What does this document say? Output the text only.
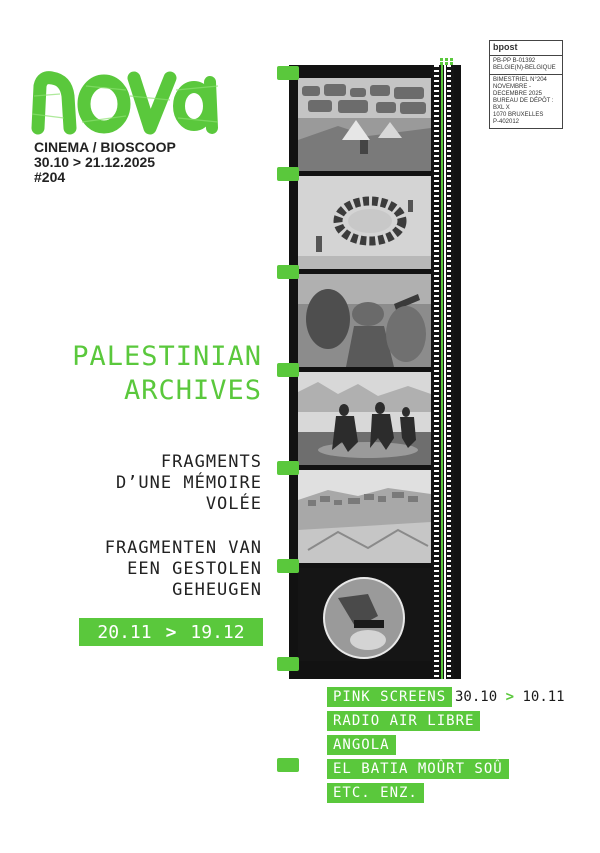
nova
CINEMA / BIOSCOOP
30.10 > 21.12.2025
#204
bpost
PB-PP B-01392
BELGIE(N)-BELGIQUE
BIMESTRIEL N°204
NOVEMBRE - DECEMBRE 2025
BUREAU DE DÉPÔT : BXL X
1070 BRUXELLES
P-402012
PALESTINIAN
ARCHIVES
FRAGMENTS
D’UNE MÉMOIRE
VOLÉE
FRAGMENTEN VAN
EEN GESTOLEN
GEHEUGEN
20.11 > 19.12
PINK SCREENS 30.10 > 10.11
RADIO AIR LIBRE
ANGOLA
EL BATIA MOÛRT SOÛ
ETC. ENZ.
